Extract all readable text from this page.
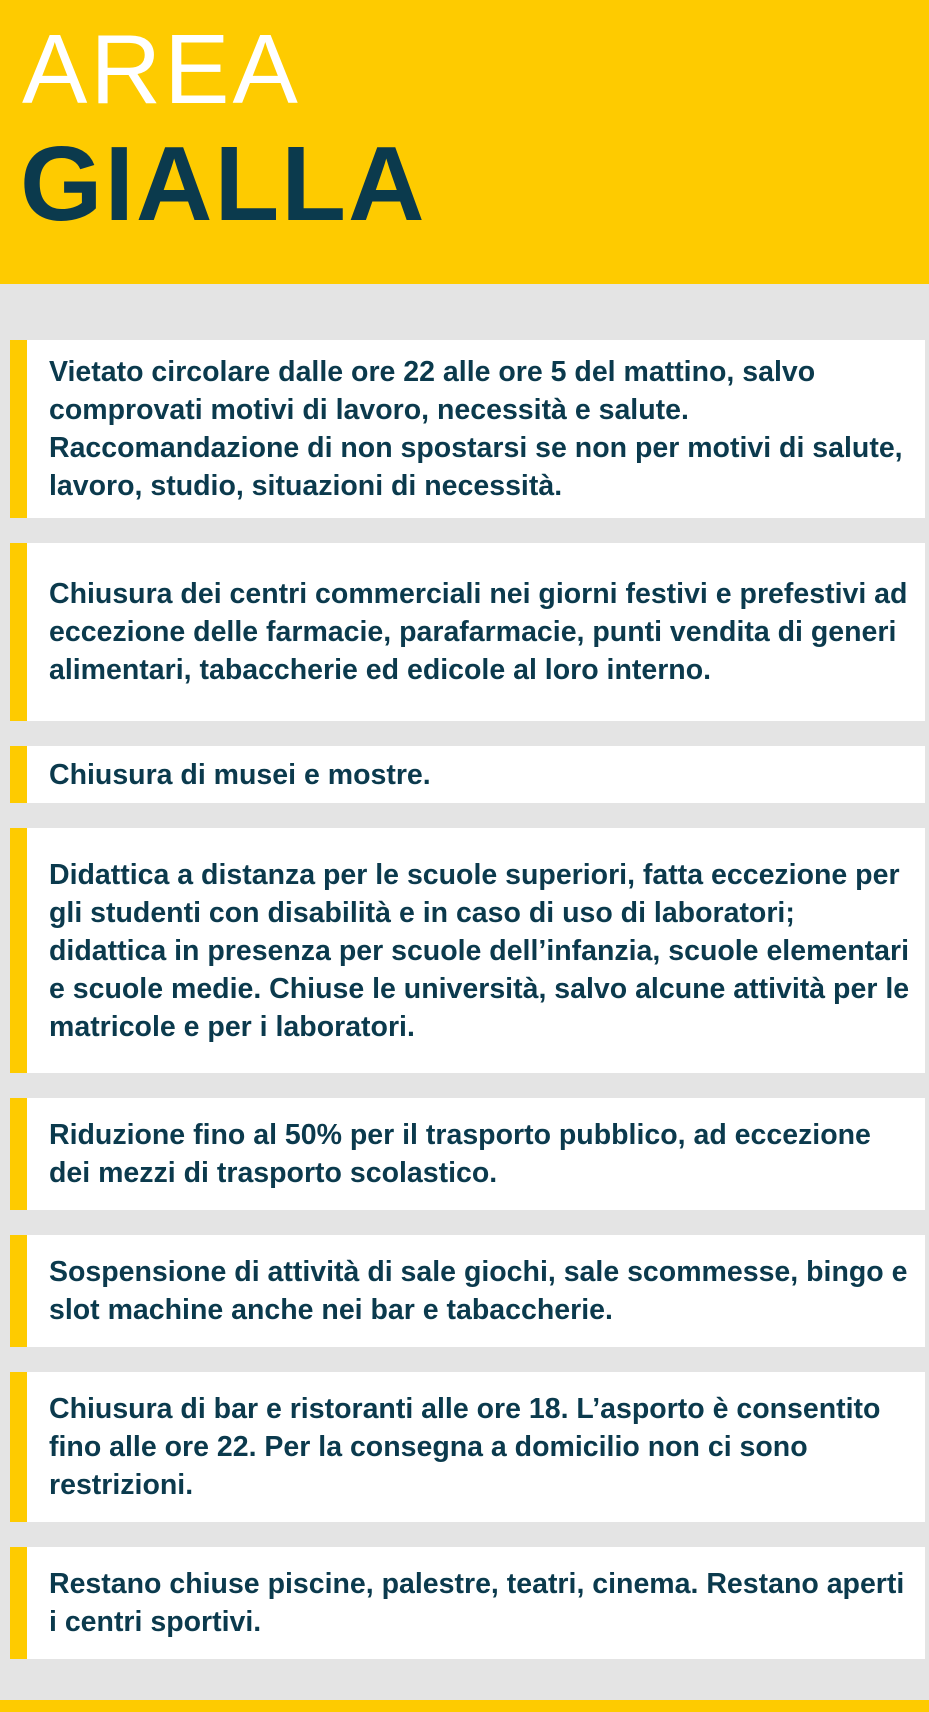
AREA
GIALLA
Vietato circolare dalle ore 22 alle ore 5 del mattino, salvo comprovati motivi di lavoro, necessità e salute. Raccomandazione di non spostarsi se non per motivi di salute, lavoro, studio, situazioni di necessità.
Chiusura dei centri commerciali nei giorni festivi e prefestivi ad eccezione delle farmacie, parafarmacie, punti vendita di generi alimentari, tabaccherie ed edicole al loro interno.
Chiusura di musei e mostre.
Didattica a distanza per le scuole superiori, fatta eccezione per gli studenti con disabilità e in caso di uso di laboratori; didattica in presenza per scuole dell’infanzia, scuole elementari e scuole medie. Chiuse le università, salvo alcune attività per le matricole e per i laboratori.
Riduzione fino al 50% per il trasporto pubblico, ad eccezione dei mezzi di trasporto scolastico.
Sospensione di attività di sale giochi, sale scommesse, bingo e slot machine anche nei bar e tabaccherie.
Chiusura di bar e ristoranti alle ore 18. L’asporto è consentito fino alle ore 22. Per la consegna a domicilio non ci sono restrizioni.
Restano chiuse piscine, palestre, teatri, cinema. Restano aperti i centri sportivi.
